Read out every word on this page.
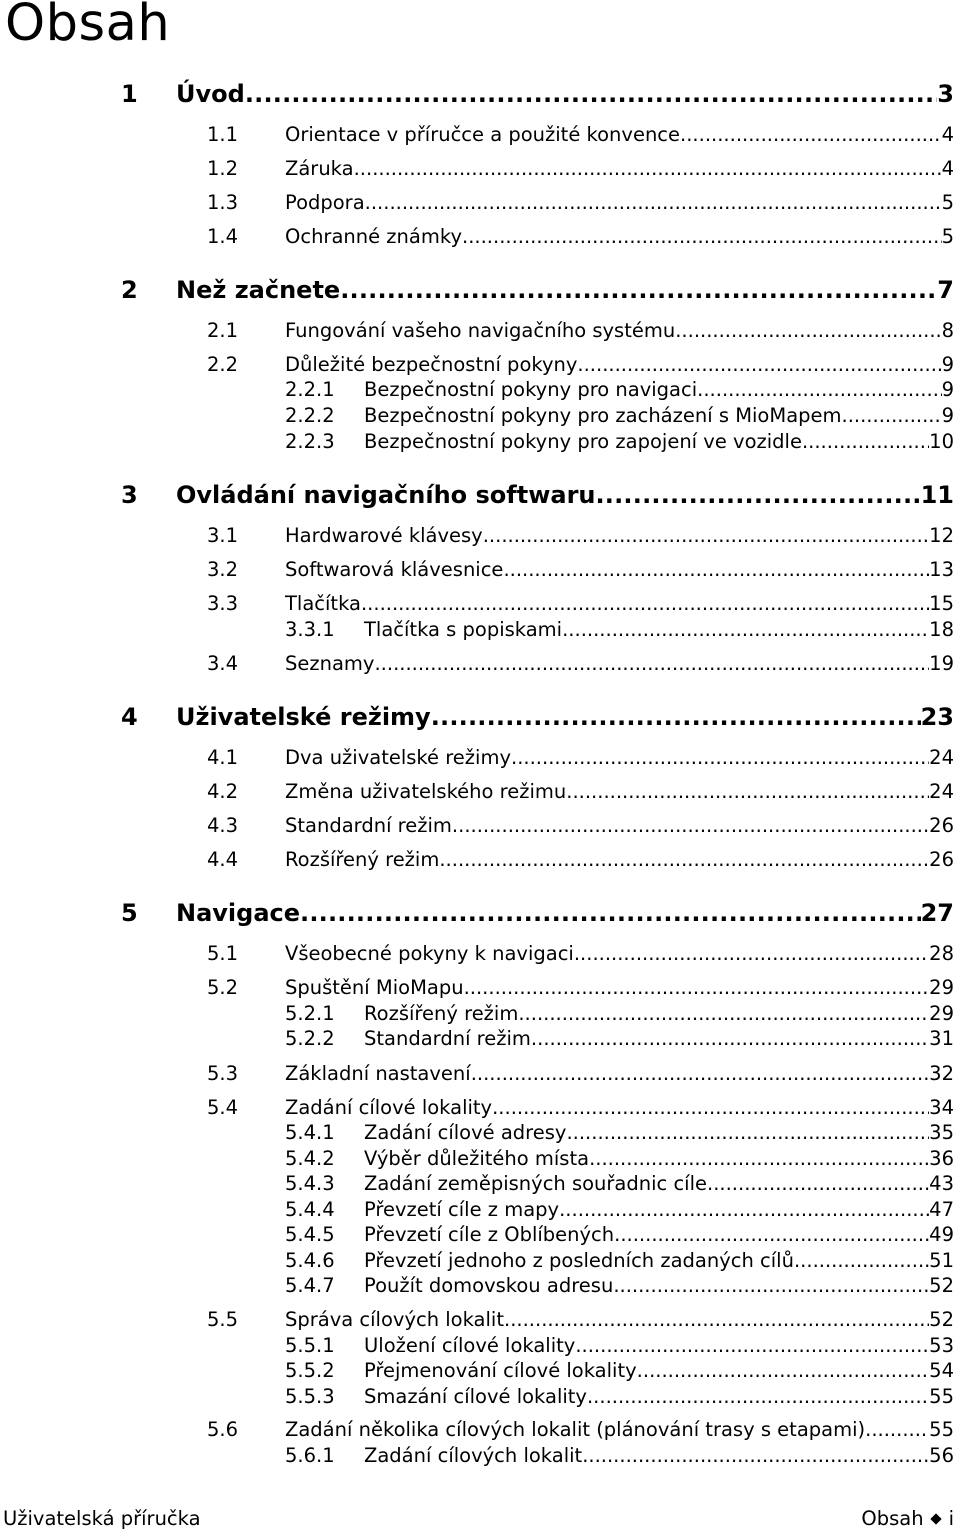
Obsah
1 Úvod .....	3
1.1 Orientace v příručce a použité konvence .....	4
1.2 Záruka .....	4
1.3 Podpora .....	5
1.4 Ochranné známky .....	5
2 Než začnete .....	7
2.1 Fungování vašeho navigačního systému .....	8
2.2 Důležité bezpečnostní pokyny .....	9
2.2.1 Bezpečnostní pokyny pro navigaci .....	9
2.2.2 Bezpečnostní pokyny pro zacházení s MioMapem .....	9
2.2.3 Bezpečnostní pokyny pro zapojení ve vozidle .....	10
3 Ovládání navigačního softwaru .....	11
3.1 Hardwarové klávesy .....	12
3.2 Softwarová klávesnice .....	13
3.3 Tlačítka .....	15
3.3.1 Tlačítka s popiskami .....	18
3.4 Seznamy .....	19
4 Uživatelské režimy .....	23
4.1 Dva uživatelské režimy .....	24
4.2 Změna uživatelského režimu .....	24
4.3 Standardní režim .....	26
4.4 Rozšířený režim .....	26
5 Navigace .....	27
5.1 Všeobecné pokyny k navigaci .....	28
5.2 Spuštění MioMapu .....	29
5.2.1 Rozšířený režim .....	29
5.2.2 Standardní režim .....	31
5.3 Základní nastavení .....	32
5.4 Zadání cílové lokality .....	34
5.4.1 Zadání cílové adresy .....	35
5.4.2 Výběr důležitého místa .....	36
5.4.3 Zadání zeměpisných souřadnic cíle .....	43
5.4.4 Převzetí cíle z mapy .....	47
5.4.5 Převzetí cíle z Oblíbených .....	49
5.4.6 Převzetí jednoho z posledních zadaných cílů .....	51
5.4.7 Použít domovskou adresu .....	52
5.5 Správa cílových lokalit .....	52
5.5.1 Uložení cílové lokality .....	53
5.5.2 Přejmenování cílové lokality .....	54
5.5.3 Smazání cílové lokality .....	55
5.6 Zadání několika cílových lokalit (plánování trasy s etapami) .....	55
5.6.1 Zadání cílových lokalit .....	56
Uživatelská příručka	Obsah i
